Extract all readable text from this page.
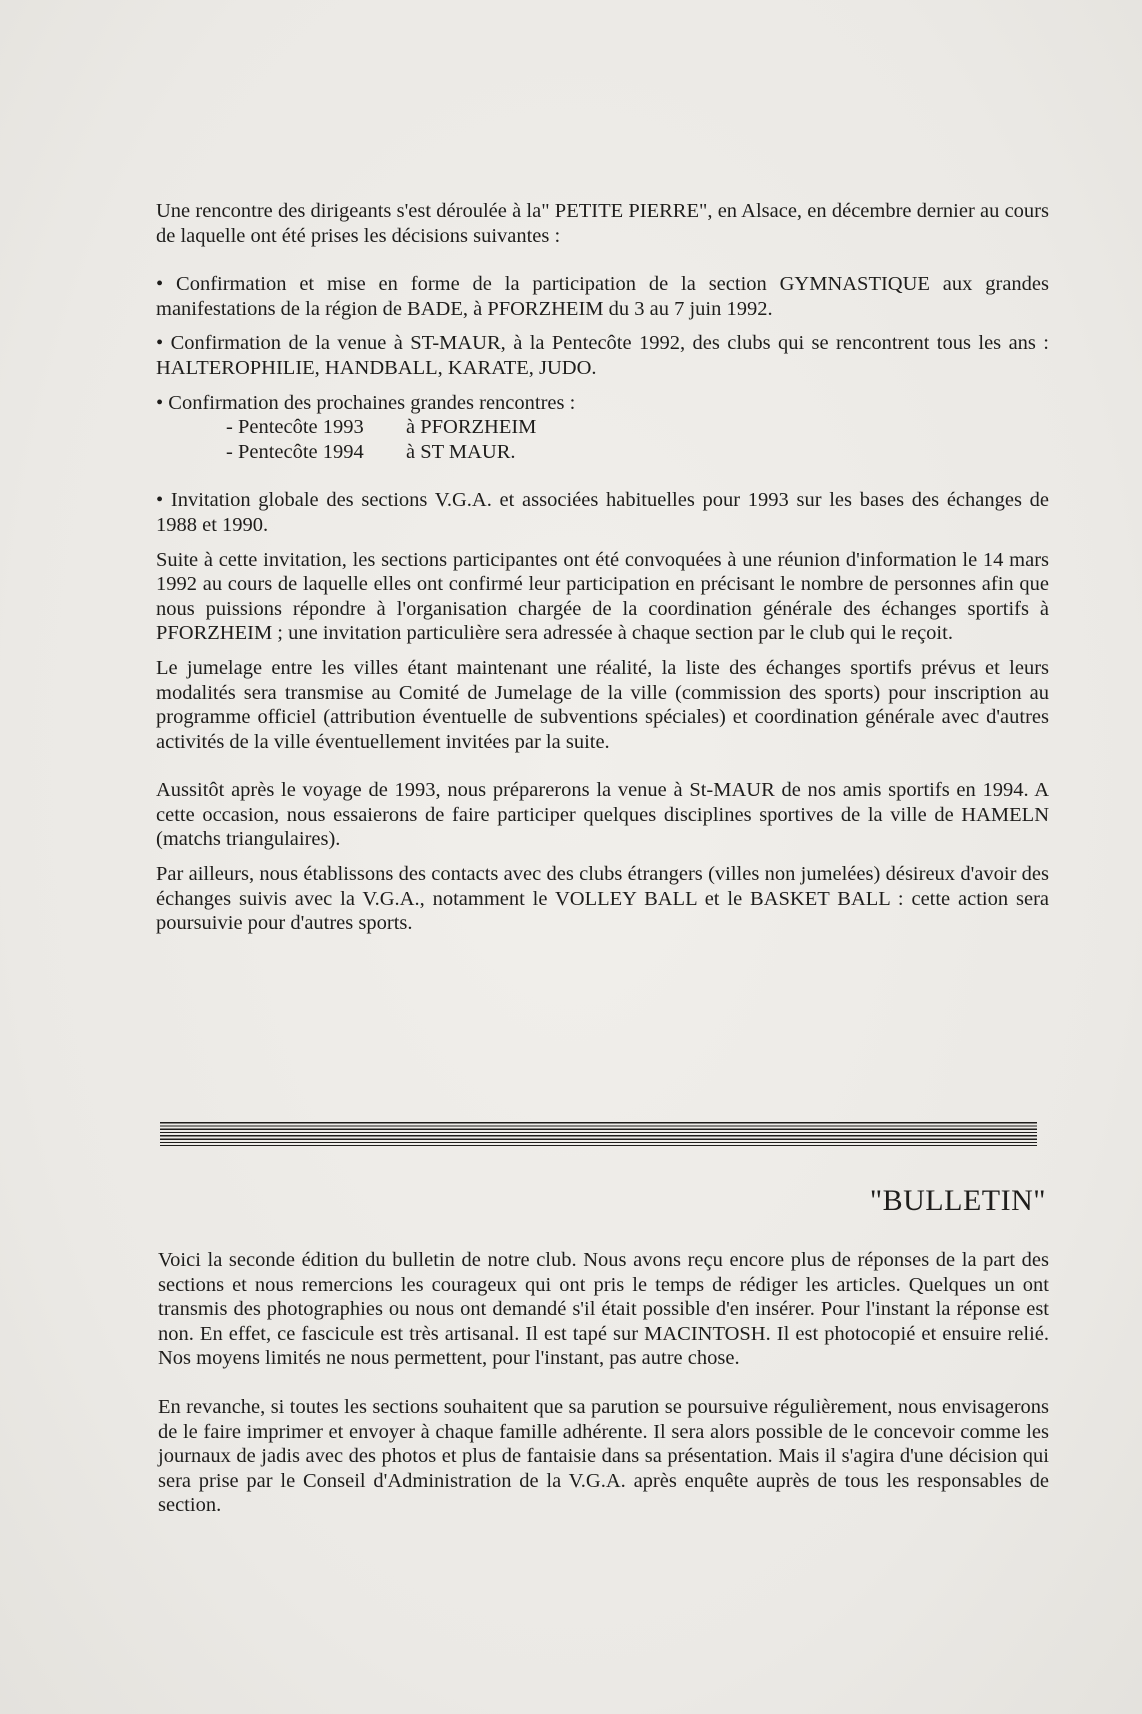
Une rencontre des dirigeants s'est déroulée à la" PETITE PIERRE", en Alsace, en décembre dernier au cours de laquelle ont été prises les décisions suivantes :

• Confirmation et mise en forme de la participation de la section GYMNASTIQUE aux grandes manifestations de la région de BADE, à PFORZHEIM du 3 au 7 juin 1992.

• Confirmation de la venue à ST-MAUR, à la Pentecôte 1992, des clubs qui se rencontrent tous les ans : HALTEROPHILIE, HANDBALL, KARATE, JUDO.

• Confirmation des prochaines grandes rencontres :

- Pentecôte 1993	à PFORZHEIM
- Pentecôte 1994	à ST MAUR.

• Invitation globale des sections V.G.A. et associées habituelles pour 1993 sur les bases des échanges de 1988 et 1990.

Suite à cette invitation, les sections participantes ont été convoquées à une réunion d'information le 14 mars 1992 au cours de laquelle elles ont confirmé leur participation en précisant le nombre de personnes afin que nous puissions répondre à l'organisation chargée de la coordination générale des échanges sportifs à PFORZHEIM ; une invitation particulière sera adressée à chaque section par le club qui le reçoit.

Le jumelage entre les villes étant maintenant une réalité, la liste des échanges sportifs prévus et leurs modalités sera transmise au Comité de Jumelage de la ville (commission des sports) pour inscription au programme officiel (attribution éventuelle de subventions spéciales) et coordination générale avec d'autres activités de la ville éventuellement invitées par la suite.

Aussitôt après le voyage de 1993, nous préparerons la venue à St-MAUR de nos amis sportifs en 1994. A cette occasion, nous essaierons de faire participer quelques disciplines sportives de la ville de HAMELN (matchs triangulaires).

Par ailleurs, nous établissons des contacts avec des clubs étrangers (villes non jumelées) désireux d'avoir des échanges suivis avec la V.G.A., notamment le VOLLEY BALL et le BASKET BALL : cette action sera poursuivie pour d'autres sports.

"BULLETIN"

Voici la seconde édition du bulletin de notre club. Nous avons reçu encore plus de réponses de la part des sections et nous remercions les courageux qui ont pris le temps de rédiger les articles. Quelques un ont transmis des photographies ou nous ont demandé s'il était possible d'en insérer. Pour l'instant la réponse est non. En effet, ce fascicule est très artisanal. Il est tapé sur MACINTOSH. Il est photocopié et ensuire relié. Nos moyens limités ne nous permettent, pour l'instant, pas autre chose.

En revanche, si toutes les sections souhaitent que sa parution se poursuive régulièrement, nous envisagerons de le faire imprimer et envoyer à chaque famille adhérente. Il sera alors possible de le concevoir comme les journaux de jadis avec des photos et plus de fantaisie dans sa présentation. Mais il s'agira d'une décision qui sera prise par le Conseil d'Administration de la V.G.A. après enquête auprès de tous les responsables de section.
